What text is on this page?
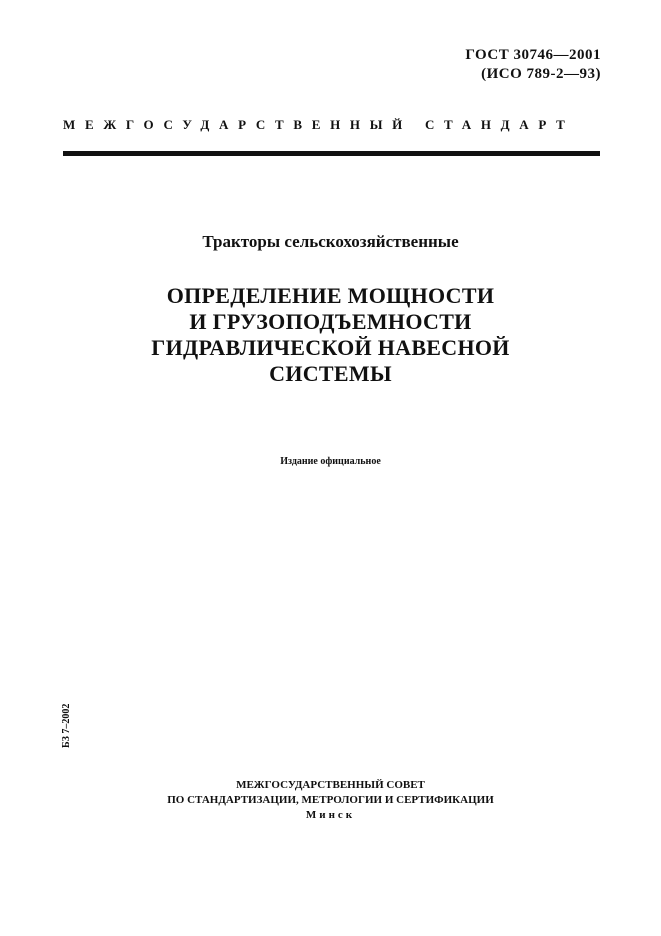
ГОСТ 30746—2001
(ИСО 789-2—93)
МЕЖГОСУДАРСТВЕННЫЙ СТАНДАРТ
Тракторы сельскохозяйственные
ОПРЕДЕЛЕНИЕ МОЩНОСТИ
И ГРУЗОПОДЪЕМНОСТИ
ГИДРАВЛИЧЕСКОЙ НАВЕСНОЙ
СИСТЕМЫ
Издание официальное
БЗ 7–2002
МЕЖГОСУДАРСТВЕННЫЙ СОВЕТ
ПО СТАНДАРТИЗАЦИИ, МЕТРОЛОГИИ И СЕРТИФИКАЦИИ
Минск
